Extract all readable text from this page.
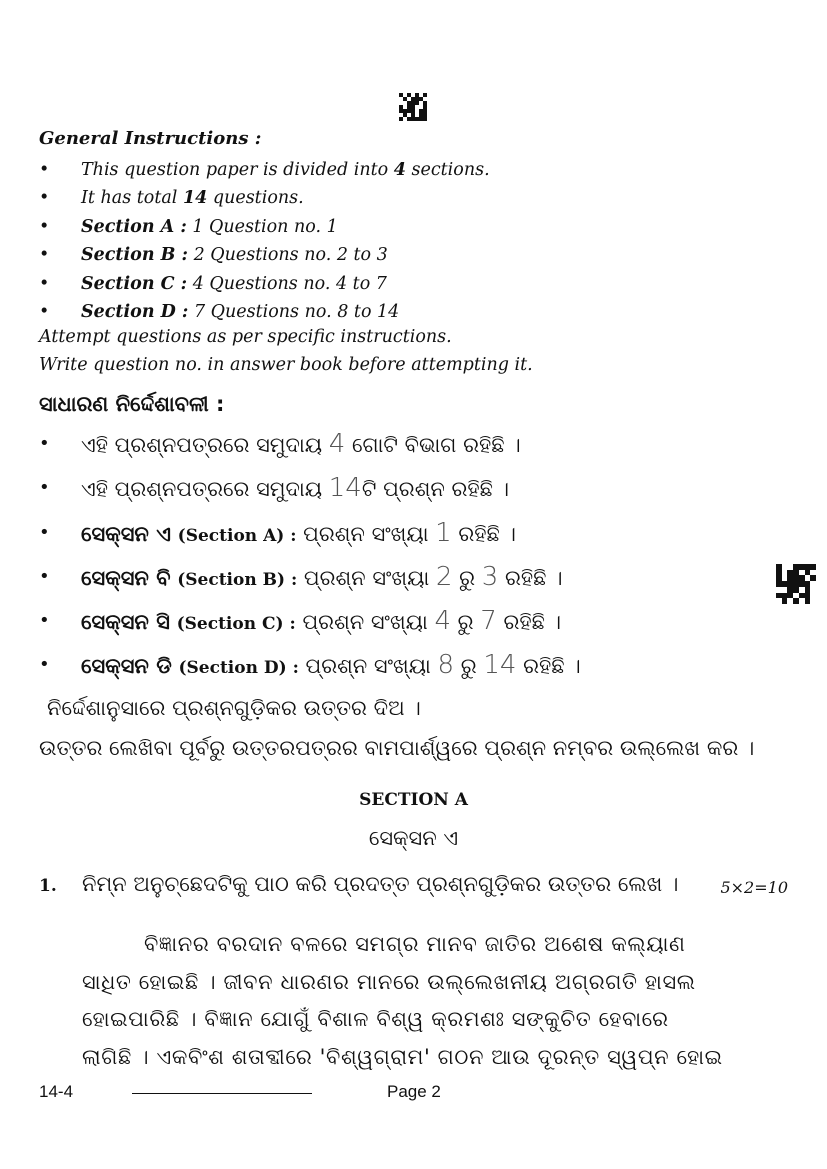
General Instructions :
• This question paper is divided into 4 sections.
• It has total 14 questions.
• Section A : 1 Question no. 1
• Section B : 2 Questions no. 2 to 3
• Section C : 4 Questions no. 4 to 7
• Section D : 7 Questions no. 8 to 14
Attempt questions as per specific instructions.
Write question no. in answer book before attempting it.
ସାଧାରଣ ନିର୍ଦ୍ଦେଶାବଳୀ :
• ଏହି ପ୍ରଶ୍ନପତ୍ରରେ ସମୁଦାୟ 4 ଗୋଟି ବିଭାଗ ରହିଛି ।
• ଏହି ପ୍ରଶ୍ନପତ୍ରରେ ସମୁଦାୟ 14ଟି ପ୍ରଶ୍ନ ରହିଛି ।
• ସେକ୍ସନ ଏ (Section A) : ପ୍ରଶ୍ନ ସଂଖ୍ୟା 1 ରହିଛି ।
• ସେକ୍ସନ ବି (Section B) : ପ୍ରଶ୍ନ ସଂଖ୍ୟା 2 ରୁ 3 ରହିଛି ।
• ସେକ୍ସନ ସି (Section C) : ପ୍ରଶ୍ନ ସଂଖ୍ୟା 4 ରୁ 7 ରହିଛି ।
• ସେକ୍ସନ ଡି (Section D) : ପ୍ରଶ୍ନ ସଂଖ୍ୟା 8 ରୁ 14 ରହିଛି ।
ନିର୍ଦ୍ଦେଶାନୁସାରେ ପ୍ରଶ୍ନଗୁଡ଼ିକର ଉତ୍ତର ଦିଅ ।
ଉତ୍ତର ଲେଖିବା ପୂର୍ବରୁ ଉତ୍ତରପତ୍ରର ବାମପାର୍ଶ୍ୱରେ ପ୍ରଶ୍ନ ନମ୍ବର ଉଲ୍ଲେଖ କର ।
SECTION A
ସେକ୍ସନ ଏ
1. ନିମ୍ନ ଅନୁଚ୍ଛେଦଟିକୁ ପାଠ କରି ପ୍ରଦତ୍ତ ପ୍ରଶ୍ନଗୁଡ଼ିକର ଉତ୍ତର ଲେଖ ।	5×2=10

ବିଜ୍ଞାନର ବରଦାନ ବଳରେ ସମଗ୍ର ମାନବ ଜାତିର ଅଶେଷ କଲ୍ୟାଣ
ସାଧିତ ହୋଇଛି । ଜୀବନ ଧାରଣର ମାନରେ ଉଲ୍ଲେଖନୀୟ ଅଗ୍ରଗତି ହାସଲ
ହୋଇପାରିଛି । ବିଜ୍ଞାନ ଯୋଗୁଁ ବିଶାଳ ବିଶ୍ୱ କ୍ରମଶଃ ସଙ୍କୁଚିତ ହେବାରେ
ଲାଗିଛି । ଏକବିଂଶ ଶତାବ୍ଦୀରେ 'ବିଶ୍ୱଗ୍ରାମ' ଗଠନ ଆଉ ଦୂରନ୍ତ ସ୍ୱପ୍ନ ହୋଇ

14-4	Page 2
